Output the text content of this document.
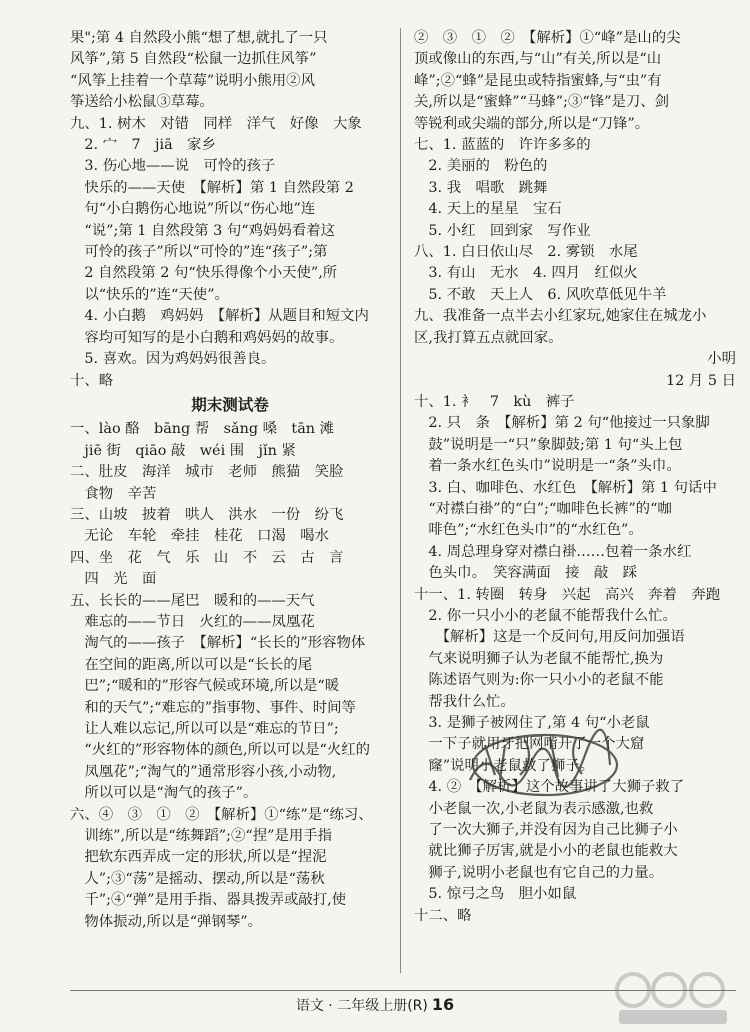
果";第 4 自然段小熊“想了想,就扎了一只
风筝”,第 5 自然段“松鼠一边抓住风筝”
“风筝上挂着一个草莓”说明小熊用②风
筝送给小松鼠③草莓。
九、1. 树木　对错　同样　洋气　好像　大象
　2. 宀　7　jiā　家乡
　3. 伤心地——说　可怜的孩子
　快乐的——天使　【解析】第 1 自然段第 2
　句“小白鹅伤心地说”所以“伤心地”连
　“说”;第 1 自然段第 3 句“鸡妈妈看着这
　可怜的孩子”所以“可怜的”连“孩子”;第
　2 自然段第 2 句“快乐得像个小天使”,所
　以“快乐的”连“天使”。
　4. 小白鹅　鸡妈妈　【解析】从题目和短文内
　容均可知写的是小白鹅和鸡妈妈的故事。
　5. 喜欢。因为鸡妈妈很善良。
十、略
期末测试卷
一、lào 酪　bāng 帮　sǎng 嗓　tān 滩
　jiē 街　qiāo 敲　wéi 围　jǐn 紧
二、肚皮　海洋　城市　老师　熊猫　笑脸
　食物　辛苦
三、山坡　披着　哄人　洪水　一份　纷飞
　无论　车轮　牵挂　桂花　口渴　喝水
四、坐　花　气　乐　山　不　云　古　言
　四　光　面
五、长长的——尾巴　暖和的——天气
　难忘的——节日　火红的——凤凰花
　淘气的——孩子　【解析】“长长的”形容物体
　在空间的距离,所以可以是“长长的尾
　巴”;“暖和的”形容气候或环境,所以是“暖
　和的天气”;“难忘的”指事物、事件、时间等
　让人难以忘记,所以可以是“难忘的节日”;
　“火红的”形容物体的颜色,所以可以是“火红的
　凤凰花”;“淘气的”通常形容小孩,小动物,
　所以可以是“淘气的孩子”。
六、④　③　①　②　【解析】①“练”是“练习、
　训练”,所以是“练舞蹈”;②“捏”是用手指
　把软东西弄成一定的形状,所以是“捏泥
　人”;③“荡”是摇动、摆动,所以是“荡秋
　千”;④“弹”是用手指、器具拨弄或敲打,使
　物体振动,所以是“弹钢琴”。
②　③　①　②　【解析】①“峰”是山的尖
顶或像山的东西,与“山”有关,所以是“山
峰”;②“蜂”是昆虫或特指蜜蜂,与“虫”有
关,所以是“蜜蜂”“马蜂”;③“锋”是刀、剑
等锐利或尖端的部分,所以是“刀锋”。
七、1. 蓝蓝的　许许多多的
　2. 美丽的　粉色的
　3. 我　唱歌　跳舞
　4. 天上的星星　宝石
　5. 小红　回到家　写作业
八、1. 白日依山尽　2. 雾锁　水尾
　3. 有山　无水　4. 四月　红似火
　5. 不敢　天上人　6. 风吹草低见牛羊
九、我准备一点半去小红家玩,她家住在城龙小
区,我打算五点就回家。
小明
12 月 5 日
十、1. 衤　7　kù　裤子
　2. 只　条　【解析】第 2 句“他接过一只象脚
　鼓”说明是一“只”象脚鼓;第 1 句“头上包
　着一条水红色头巾”说明是一“条”头巾。
　3. 白、咖啡色、水红色　【解析】第 1 句话中
　“对襟白褂”的“白”;“咖啡色长裤”的“咖
　啡色”;“水红色头巾”的“水红色”。
　4. 周总理身穿对襟白褂……包着一条水红
　色头巾。　笑容满面　接　敲　踩
十一、1. 转圈　转身　兴起　高兴　奔着　奔跑
　2. 你一只小小的老鼠不能帮我什么忙。
　　【解析】这是一个反问句,用反问加强语
　气来说明狮子认为老鼠不能帮忙,换为
　陈述语气则为:你一只小小的老鼠不能
　帮我什么忙。
　3. 是狮子被网住了,第 4 句“小老鼠
　一下子就用牙把网啃开了一个大窟
　窿”说明小老鼠救了狮子。
　4. ②　【解析】这个故事讲了大狮子救了
　小老鼠一次,小老鼠为表示感激,也救
　了一次大狮子,并没有因为自己比狮子小
　就比狮子厉害,就是小小的老鼠也能救大
　狮子,说明小老鼠也有它自己的力量。
　5. 惊弓之鸟　胆小如鼠
十二、略
语文 · 二年级上册(R) 16
